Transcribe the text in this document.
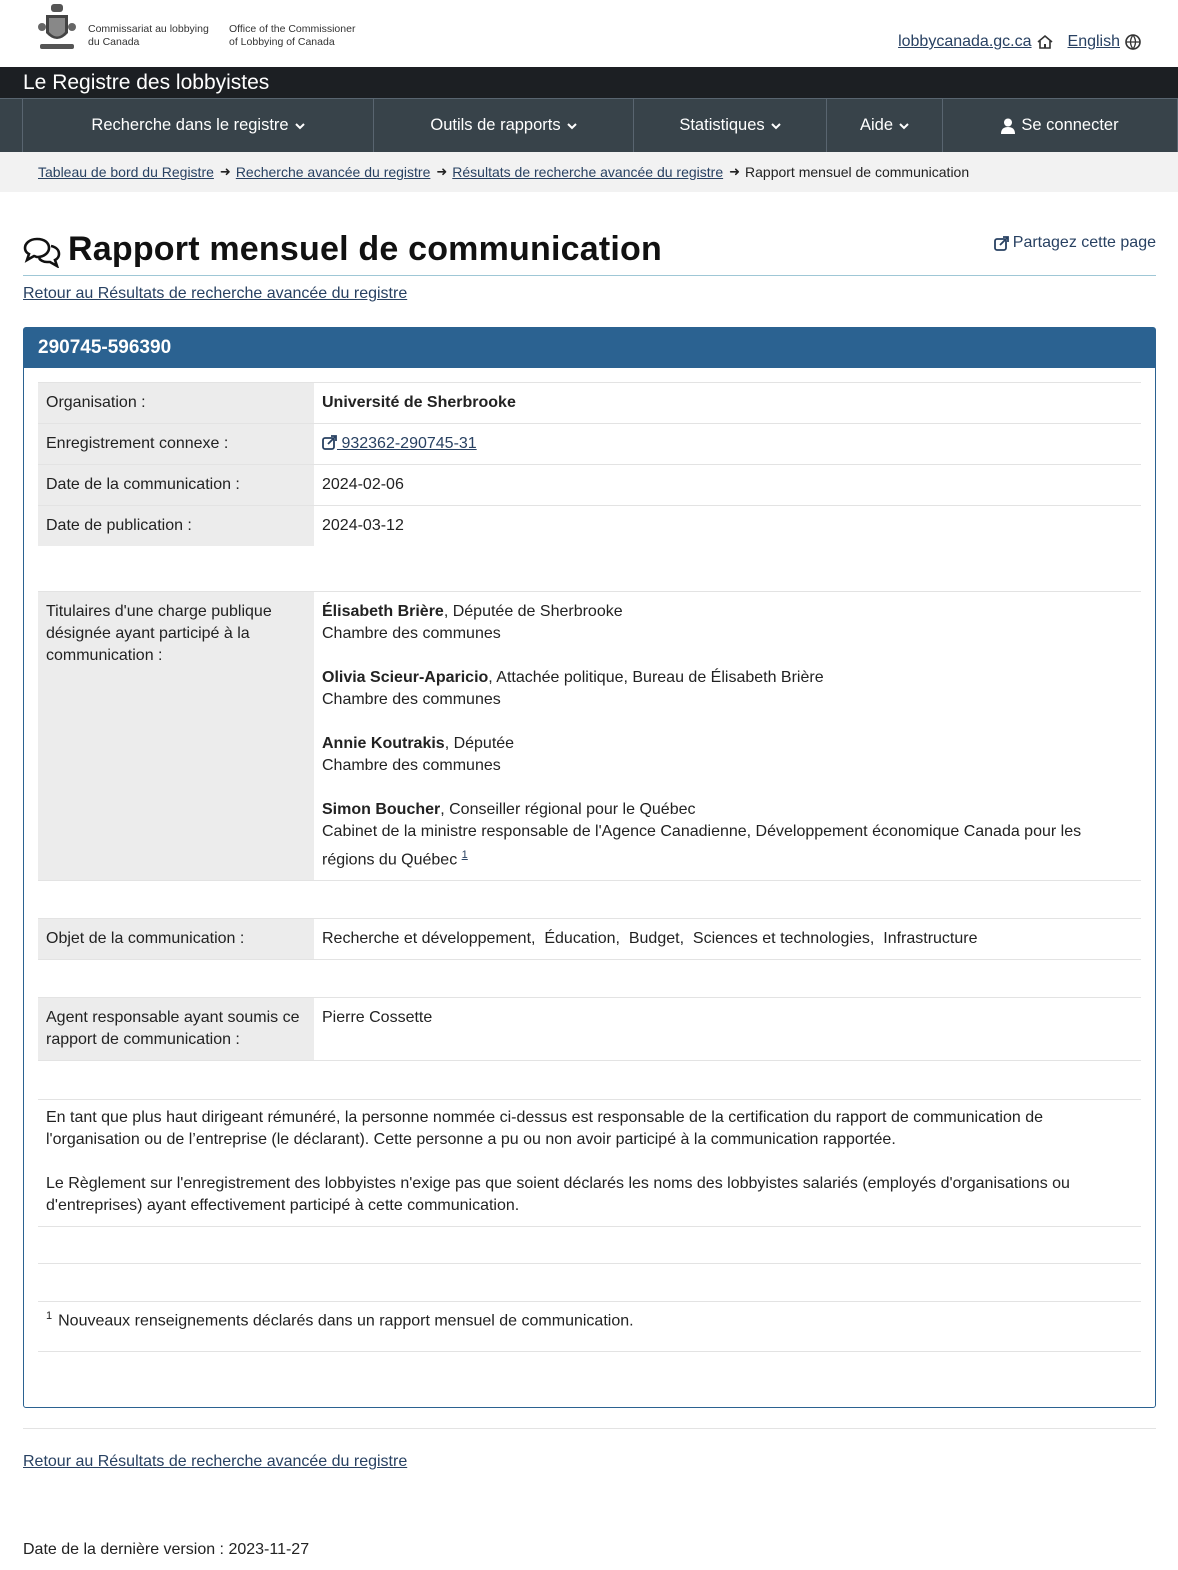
Commissariat au lobbying
du Canada
Office of the Commissioner
of Lobbying of Canada	lobbycanada.gc.ca English
Le Registre des lobbyistes
Recherche dans le registre	Outils de rapports	Statistiques	Aide	Se connecter
Tableau de bord du Registre ➜ Recherche avancée du registre ➜ Résultats de recherche avancée du registre ➜ Rapport mensuel de communication
Rapport mensuel de communication	Partagez cette page
Retour au Résultats de recherche avancée du registre
290745-596390
Organisation :	Université de Sherbrooke
Enregistrement connexe :	932362-290745-31
Date de la communication :	2024-02-06
Date de publication :	2024-03-12
Titulaires d'une charge publique désignée ayant participé à la communication :
Élisabeth Brière, Députée de Sherbrooke
Chambre des communes
Olivia Scieur-Aparicio, Attachée politique, Bureau de Élisabeth Brière
Chambre des communes
Annie Koutrakis, Députée
Chambre des communes
Simon Boucher, Conseiller régional pour le Québec
Cabinet de la ministre responsable de l'Agence Canadienne, Développement économique Canada pour les régions du Québec $^1$
Objet de la communication :	Recherche et développement,  Éducation,  Budget,  Sciences et technologies,  Infrastructure
Agent responsable ayant soumis ce rapport de communication :
Pierre Cossette

En tant que plus haut dirigeant rémunéré, la personne nommée ci-dessus est responsable de la certification du rapport de communication de l'organisation ou de l’entreprise (le déclarant). Cette personne a pu ou non avoir participé à la communication rapportée.

Le Règlement sur l'enregistrement des lobbyistes n'exige pas que soient déclarés les noms des lobbyistes salariés (employés d'organisations ou d'entreprises) ayant effectivement participé à cette communication.

$^1$ Nouveaux renseignements déclarés dans un rapport mensuel de communication.
Retour au Résultats de recherche avancée du registre
Date de la dernière version : 2023-11-27
